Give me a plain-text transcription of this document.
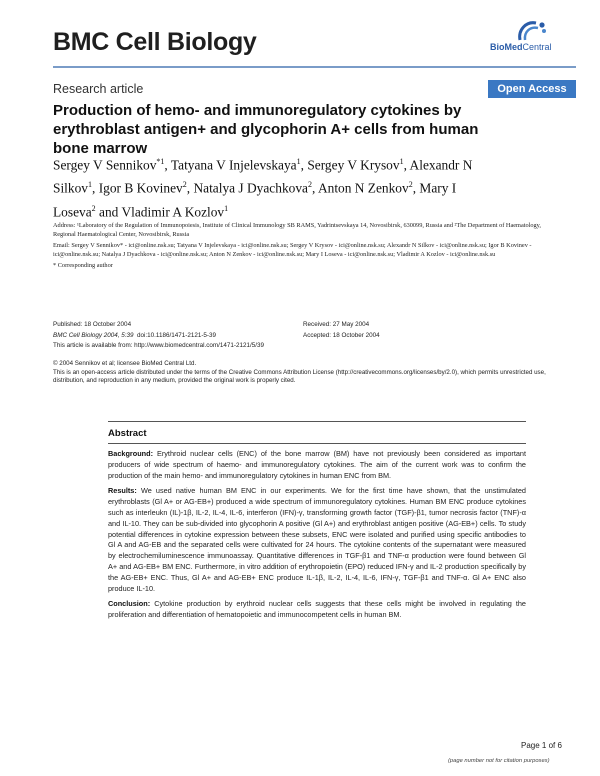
BMC Cell Biology	BioMedCentral
Research article	Open Access
Production of hemo- and immunoregulatory cytokines by erythroblast antigen+ and glycophorin A+ cells from human bone marrow
Sergey V Sennikov$^{*1}$, Tatyana V Injelevskaya$^1$, Sergey V Krysov$^1$, Alexandr N Silkov$^1$, Igor B Kovinev$^2$, Natalya J Dyachkova$^2$, Anton N Zenkov$^2$, Mary I Loseva$^2$ and Vladimir A Kozlov$^1$

Address: ¹Laboratory of the Regulation of Immunopoiesis, Institute of Clinical Immunology SB RAMS, Yadrintsevskaya 14, Novosibirsk, 630099, Russia and ²The Department of Haematology, Regional Haematological Center, Novosibirsk, Russia

Email: Sergey V Sennikov* - ici@online.nsk.su; Tatyana V Injelevskaya - ici@online.nsk.su; Sergey V Krysov - ici@online.nsk.su; Alexandr N Silkov - ici@online.nsk.su; Igor B Kovinev - ici@online.nsk.su; Natalya J Dyachkova - ici@online.nsk.su; Anton N Zenkov - ici@online.nsk.su; Mary I Loseva - ici@online.nsk.su; Vladimir A Kozlov - ici@online.nsk.su

* Corresponding author

Published: 18 October 2004
BMC Cell Biology 2004, 5:39 doi:10.1186/1471-2121-5-39
This article is available from: http://www.biomedcentral.com/1471-2121/5/39
Received: 27 May 2004
Accepted: 18 October 2004

© 2004 Sennikov et al; licensee BioMed Central Ltd.

This is an open-access article distributed under the terms of the Creative Commons Attribution License (http://creativecommons.org/licenses/by/2.0), which permits unrestricted use, distribution, and reproduction in any medium, provided the original work is properly cited.

Abstract

Background: Erythroid nuclear cells (ENC) of the bone marrow (BM) have not previously been considered as important producers of wide spectrum of haemo- and immunoregulatory cytokines. The aim of the current work was to confirm the production of the main hemo- and immunoregulatory cytokines in human ENC from BM.

Results: We used native human BM ENC in our experiments. We for the first time have shown, that the unstimulated erythroblasts (Gl A+ or AG-EB+) produced a wide spectrum of immunoregulatory cytokines. Human BM ENC produce cytokines such as interleukn (IL)-1β, IL-2, IL-4, IL-6, interferon (IFN)-γ, transforming growth factor (TGF)-β1, tumor necrosis factor (TNF)-α and IL-10. They can be sub-divided into glycophorin A positive (Gl A+) and erythroblast antigen positive (AG-EB+) cells. To study potential differences in cytokine expression between these subsets, ENC were isolated and purified using specific antibodies to Gl A and AG-EB and the separated cells were cultivated for 24 hours. The cytokine contents of the supernatant were measured by electrochemiluminescence immunoassay. Quantitative differences in TGF-β1 and TNF-α production were found between Gl A+ and AG-EB+ BM ENC. Furthermore, in vitro addition of erythropoietin (EPO) reduced IFN-γ and IL-2 production specifically by the AG-EB+ ENC. Thus, Gl A+ and AG-EB+ ENC produce IL-1β, IL-2, IL-4, IL-6, IFN-γ, TGF-β1 and TNF-α. Gl A+ ENC also produce IL-10.

Conclusion: Cytokine production by erythroid nuclear cells suggests that these cells might be involved in regulating the proliferation and differentiation of hematopoietic and immunocompetent cells in human BM.

Page 1 of 6
(page number not for citation purposes)
